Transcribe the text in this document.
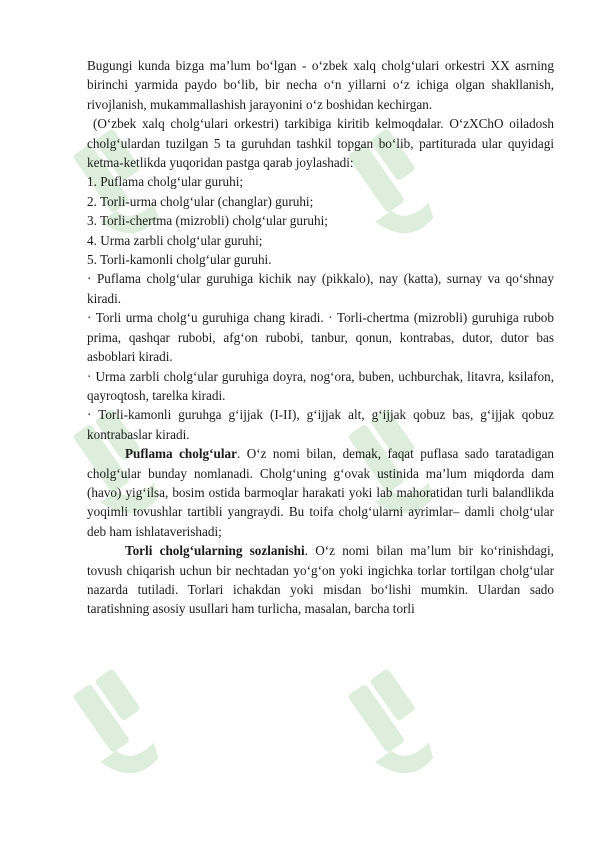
Bugungi kunda bizga ma’lum bo‘lgan - o‘zbek xalq cholg‘ulari orkestri XX asrning birinchi yarmida paydo bo‘lib, bir necha o‘n yillarni o‘z ichiga olgan shakllanish, rivojlanish, mukammallashish jarayonini o‘z boshidan kechirgan.

(O‘zbek xalq cholg‘ulari orkestri) tarkibiga kiritib kelmoqdalar. O‘zXChO oiladosh cholg‘ulardan tuzilgan 5 ta guruhdan tashkil topgan bo‘lib, partiturada ular quyidagi ketma-ketlikda yuqoridan pastga qarab joylashadi:

1. Puflama cholg‘ular guruhi;

2. Torli-urma cholg‘ular (changlar) guruhi;

3. Torli-chertma (mizrobli) cholg‘ular guruhi;

4. Urma zarbli cholg‘ular guruhi;

5. Torli-kamonli cholg‘ular guruhi.

· Puflama cholg‘ular guruhiga kichik nay (pikkalo), nay (katta), surnay va qo‘shnay kiradi.

· Torli urma cholg‘u guruhiga chang kiradi. · Torli-chertma (mizrobli) guruhiga rubob prima, qashqar rubobi, afg‘on rubobi, tanbur, qonun, kontrabas, dutor, dutor bas asboblari kiradi.

· Urma zarbli cholg‘ular guruhiga doyra, nog‘ora, buben, uchburchak, litavra, ksilafon, qayroqtosh, tarelka kiradi.

· Torli-kamonli guruhga g‘ijjak (I-II), g‘ijjak alt, g‘ijjak qobuz bas, g‘ijjak qobuz kontrabaslar kiradi.

Puflama cholg‘ular. O‘z nomi bilan, demak, faqat puflasa sado taratadigan cholg‘ular bunday nomlanadi. Cholg‘uning g‘ovak ustinida ma’lum miqdorda dam (havo) yig‘ilsa, bosim ostida barmoqlar harakati yoki lab mahoratidan turli balandlikda yoqimli tovushlar tartibli yangraydi. Bu toifa cholg‘ularni ayrimlar– damli cholg‘ular deb ham ishlataverishadi;

Torli cholg‘ularning sozlanishi. O‘z nomi bilan ma’lum bir ko‘rinishdagi, tovush chiqarish uchun bir nechtadan yo‘g‘on yoki ingichka torlar tortilgan cholg‘ular nazarda tutiladi. Torlari ichakdan yoki misdan bo‘lishi mumkin. Ulardan sado taratishning asosiy usullari ham turlicha, masalan, barcha torli
